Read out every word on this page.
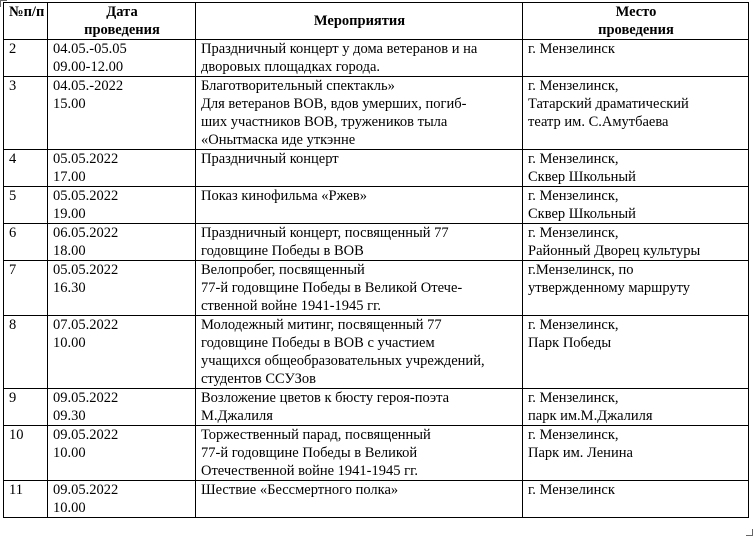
№п/п	Дата
проведения	Мероприятия	Место
проведения

2	04.05.-05.05
09.00-12.00	Праздничный концерт у дома ветеранов и на
дворовых площадках города.	г. Мензелинск

3	04.05.-2022
15.00	Благотворительный спектакль»
Для ветеранов ВОВ, вдов умерших, погиб-
ших участников ВОВ, тружеников тыла
«Онытмаска иде уткэнне	г. Мензелинск,
Татарский драматический
театр им. С.Амутбаева

4	05.05.2022
17.00	Праздничный концерт	г. Мензелинск,
Сквер Школьный

5	05.05.2022
19.00	Показ кинофильма «Ржев»	г. Мензелинск,
Сквер Школьный

6	06.05.2022
18.00	Праздничный концерт, посвященный 77
годовщине Победы в ВОВ	г. Мензелинск,
Районный Дворец культуры

7	05.05.2022
16.30	Велопробег, посвященный
77-й годовщине Победы в Великой Отече-
ственной войне 1941-1945 гг.	г.Мензелинск, по
утвержденному маршруту

8	07.05.2022
10.00	Молодежный митинг, посвященный 77
годовщине Победы в ВОВ с участием
учащихся общеобразовательных учреждений,
студентов ССУЗов	г. Мензелинск,
Парк Победы

9	09.05.2022
09.30	Возложение цветов к бюсту героя-поэта
М.Джалиля	г. Мензелинск,
парк им.М.Джалиля

10	09.05.2022
10.00	Торжественный парад, посвященный
77-й годовщине Победы в Великой
Отечественной войне 1941-1945 гг.	г. Мензелинск,
Парк им. Ленина

11	09.05.2022
10.00	Шествие «Бессмертного полка»	г. Мензелинск
